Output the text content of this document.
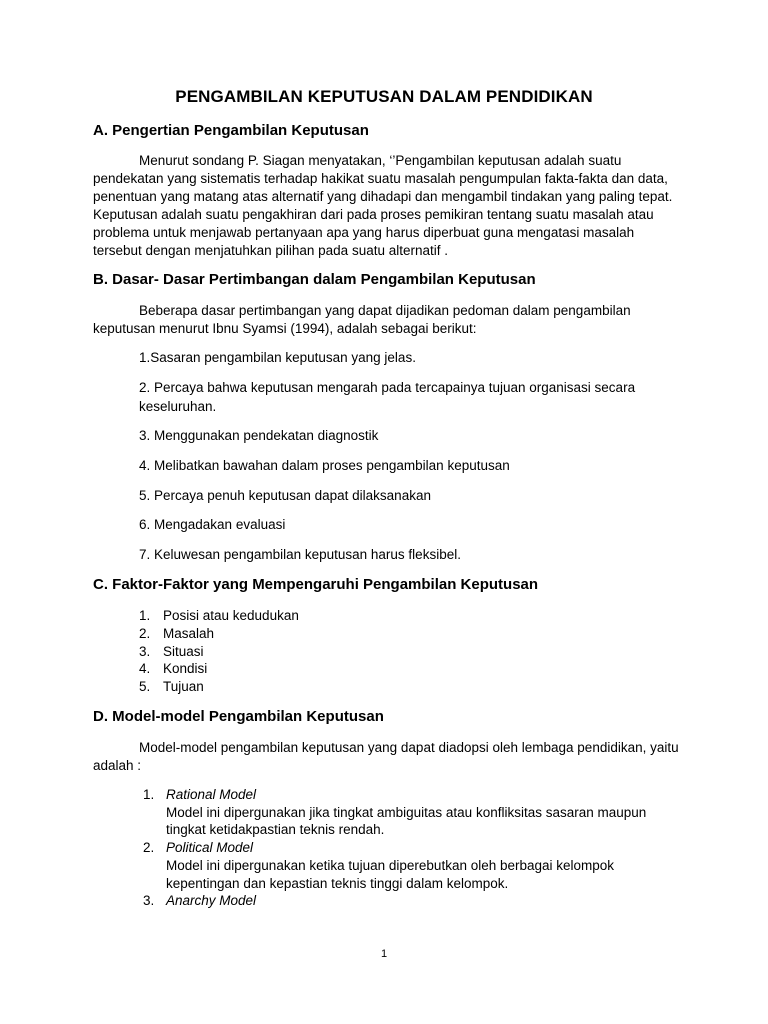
PENGAMBILAN KEPUTUSAN DALAM PENDIDIKAN
A. Pengertian Pengambilan Keputusan
Menurut sondang P. Siagan menyatakan, ‘’Pengambilan keputusan adalah suatu pendekatan yang sistematis terhadap hakikat suatu masalah pengumpulan fakta-fakta dan data, penentuan yang matang atas alternatif yang dihadapi dan mengambil tindakan yang paling tepat. Keputusan adalah suatu pengakhiran dari pada proses pemikiran tentang suatu masalah atau problema untuk menjawab pertanyaan apa yang harus diperbuat guna mengatasi masalah tersebut dengan menjatuhkan pilihan pada suatu alternatif .
B. Dasar- Dasar Pertimbangan dalam Pengambilan Keputusan
Beberapa dasar pertimbangan yang dapat dijadikan pedoman dalam pengambilan keputusan menurut Ibnu Syamsi (1994), adalah sebagai berikut:
1.Sasaran pengambilan keputusan yang jelas.
2. Percaya bahwa keputusan mengarah pada tercapainya tujuan organisasi secara keseluruhan.
3. Menggunakan pendekatan diagnostik
4. Melibatkan bawahan dalam proses pengambilan keputusan
5. Percaya penuh keputusan dapat dilaksanakan
6. Mengadakan evaluasi
7. Keluwesan pengambilan keputusan harus fleksibel.
C. Faktor-Faktor yang Mempengaruhi Pengambilan Keputusan
1. Posisi atau kedudukan
2. Masalah
3. Situasi
4. Kondisi
5. Tujuan
D. Model-model Pengambilan Keputusan
Model-model pengambilan keputusan yang dapat diadopsi oleh lembaga pendidikan, yaitu adalah :
1. Rational Model
Model ini dipergunakan jika tingkat ambiguitas atau konfliksitas sasaran maupun tingkat ketidakpastian teknis rendah.
2. Political Model
Model ini dipergunakan ketika tujuan diperebutkan oleh berbagai kelompok kepentingan dan kepastian teknis tinggi dalam kelompok.
3. Anarchy Model
1
